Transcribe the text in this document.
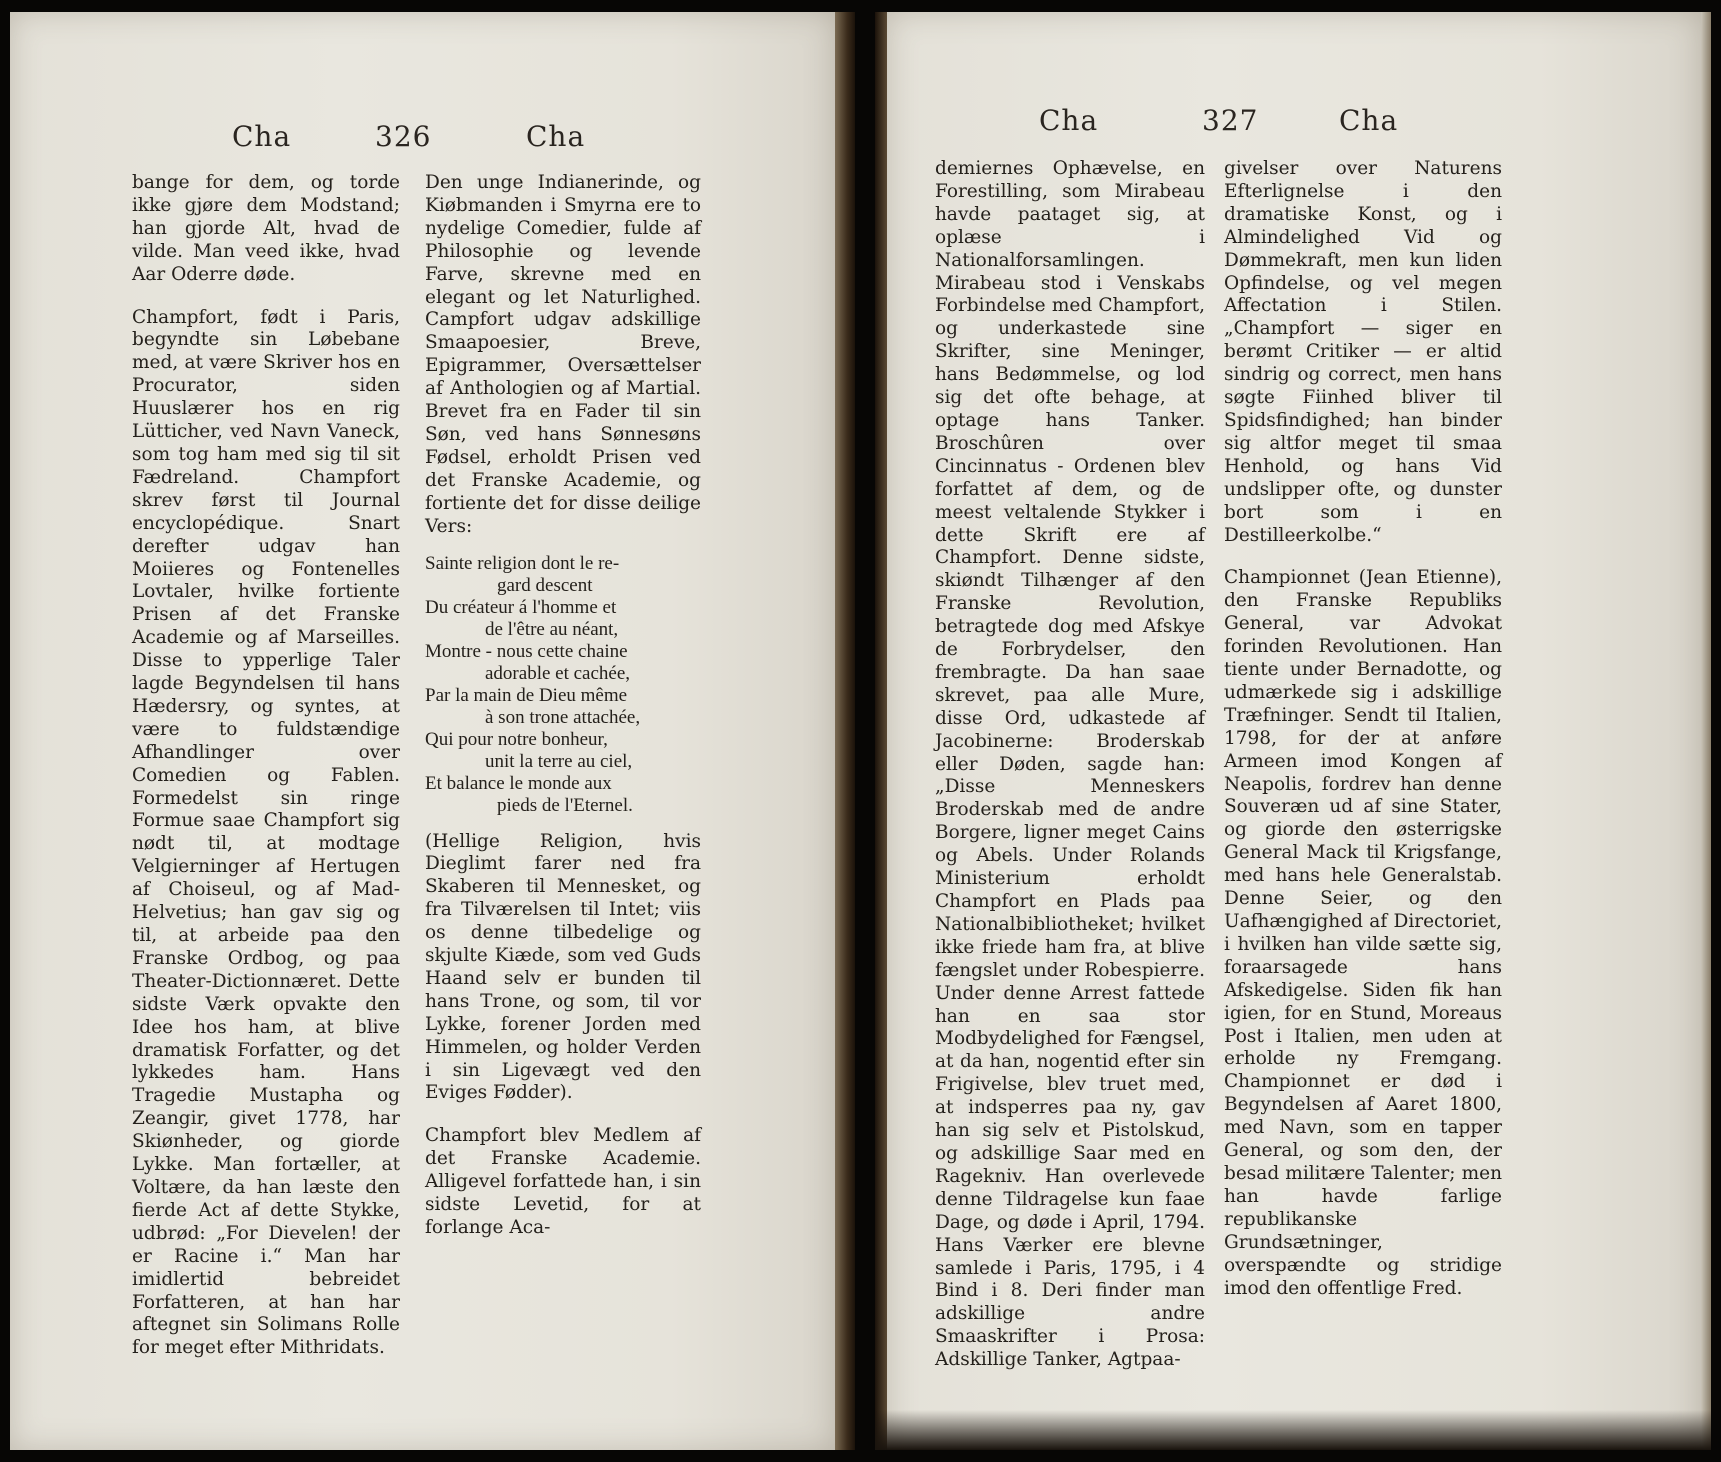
Cha	326	Cha

bange for dem, og torde ikke gjøre dem Modstand; han gjorde Alt, hvad de vilde. Man veed ikke, hvad Aar Oderre døde.

Champfort, født i Paris, begyndte sin Løbebane med, at være Skriver hos en Procurator, siden Huuslærer hos en rig Lütticher, ved Navn Vaneck, som tog ham med sig til sit Fædreland. Champfort skrev først til Journal encyclopédique. Snart derefter udgav han Moiieres og Fontenelles Lovtaler, hvilke fortiente Prisen af det Franske Academie og af Marseilles. Disse to ypperlige Taler lagde Begyndelsen til hans Hædersry, og syntes, at være to fuldstændige Afhandlinger over Comedien og Fablen. Formedelst sin ringe Formue saae Champfort sig nødt til, at modtage Velgierninger af Hertugen af Choiseul, og af Mad-Helvetius; han gav sig og til, at arbeide paa den Franske Ordbog, og paa Theater-Dictionnæret. Dette sidste Værk opvakte den Idee hos ham, at blive dramatisk Forfatter, og det lykkedes ham. Hans Tragedie Mustapha og Zeangir, givet 1778, har Skiønheder, og giorde Lykke. Man fortæller, at Voltære, da han læste den fierde Act af dette Stykke, udbrød: „For Dievelen! der er Racine i.“ Man har imidlertid bebreidet Forfatteren, at han har aftegnet sin Solimans Rolle for meget efter Mithridats.

Den unge Indianerinde, og Kiøbmanden i Smyrna ere to nydelige Comedier, fulde af Philosophie og levende Farve, skrevne med en elegant og let Naturlighed. Campfort udgav adskillige Smaapoesier, Breve, Epigrammer, Oversættelser af Anthologien og af Martial. Brevet fra en Fader til sin Søn, ved hans Sønnesøns Fødsel, erholdt Prisen ved det Franske Academie, og fortiente det for disse deilige Vers:

Sainte religion dont le re-
gard descent
Du créateur á l'homme et
de l'être au néant,
Montre - nous cette chaine
adorable et cachée,
Par la main de Dieu même
à son trone attachée,
Qui pour notre bonheur,
unit la terre au ciel,
Et balance le monde aux
pieds de l'Eternel.

(Hellige Religion, hvis Dieglimt farer ned fra Skaberen til Mennesket, og fra Tilværelsen til Intet; viis os denne tilbedelige og skjulte Kiæde, som ved Guds Haand selv er bunden til hans Trone, og som, til vor Lykke, forener Jorden med Himmelen, og holder Verden i sin Ligevægt ved den Eviges Fødder).

Champfort blev Medlem af det Franske Academie. Alligevel forfattede han, i sin sidste Levetid, for at forlange Aca-

Cha	327	Cha

demiernes Ophævelse, en Forestilling, som Mirabeau havde paataget sig, at oplæse i Nationalforsamlingen. Mirabeau stod i Venskabs Forbindelse med Champfort, og underkastede sine Skrifter, sine Meninger, hans Bedømmelse, og lod sig det ofte behage, at optage hans Tanker. Broschûren over Cincinnatus - Ordenen blev forfattet af dem, og de meest veltalende Stykker i dette Skrift ere af Champfort. Denne sidste, skiøndt Tilhænger af den Franske Revolution, betragtede dog med Afskye de Forbrydelser, den frembragte. Da han saae skrevet, paa alle Mure, disse Ord, udkastede af Jacobinerne: Broderskab eller Døden, sagde han: „Disse Menneskers Broderskab med de andre Borgere, ligner meget Cains og Abels. Under Rolands Ministerium erholdt Champfort en Plads paa Nationalbibliotheket; hvilket ikke friede ham fra, at blive fængslet under Robespierre. Under denne Arrest fattede han en saa stor Modbydelighed for Fængsel, at da han, nogentid efter sin Frigivelse, blev truet med, at indsperres paa ny, gav han sig selv et Pistolskud, og adskillige Saar med en Ragekniv. Han overlevede denne Tildragelse kun faae Dage, og døde i April, 1794. Hans Værker ere blevne samlede i Paris, 1795, i 4 Bind i 8. Deri finder man adskillige andre Smaaskrifter i Prosa: Adskillige Tanker, Agtpaa-

givelser over Naturens Efterlignelse i den dramatiske Konst, og i Almindelighed Vid og Dømmekraft, men kun liden Opfindelse, og vel megen Affectation i Stilen. „Champfort — siger en berømt Critiker — er altid sindrig og correct, men hans søgte Fiinhed bliver til Spidsfindighed; han binder sig altfor meget til smaa Henhold, og hans Vid undslipper ofte, og dunster bort som i en Destilleerkolbe.“

Championnet (Jean Etienne), den Franske Republiks General, var Advokat forinden Revolutionen. Han tiente under Bernadotte, og udmærkede sig i adskillige Træfninger. Sendt til Italien, 1798, for der at anføre Armeen imod Kongen af Neapolis, fordrev han denne Souveræn ud af sine Stater, og giorde den østerrigske General Mack til Krigsfange, med hans hele Generalstab. Denne Seier, og den Uafhængighed af Directoriet, i hvilken han vilde sætte sig, foraarsagede hans Afskedigelse. Siden fik han igien, for en Stund, Moreaus Post i Italien, men uden at erholde ny Fremgang. Championnet er død i Begyndelsen af Aaret 1800, med Navn, som en tapper General, og som den, der besad militære Talenter; men han havde farlige republikanske Grundsætninger, overspændte og stridige imod den offentlige Fred.
